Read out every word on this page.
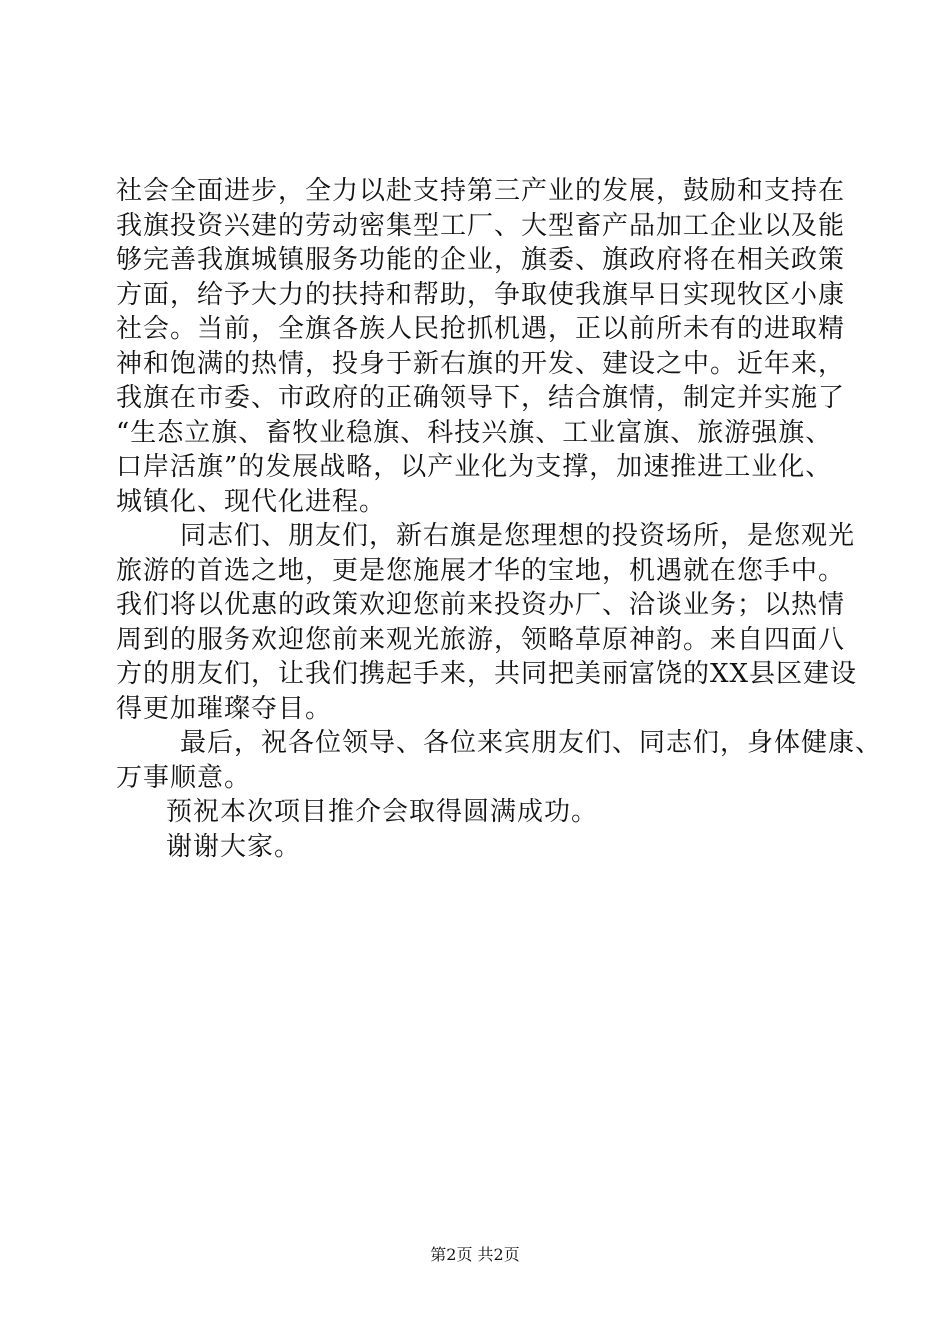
社会全面进步，全力以赴支持第三产业的发展，鼓励和支持在
我旗投资兴建的劳动密集型工厂、大型畜产品加工企业以及能
够完善我旗城镇服务功能的企业，旗委、旗政府将在相关政策
方面，给予大力的扶持和帮助，争取使我旗早日实现牧区小康
社会。当前，全旗各族人民抢抓机遇，正以前所未有的进取精
神和饱满的热情，投身于新右旗的开发、建设之中。近年来，
我旗在市委、市政府的正确领导下，结合旗情，制定并实施了
“生态立旗、畜牧业稳旗、科技兴旗、工业富旗、旅游强旗、
口岸活旗”的发展战略，以产业化为支撑，加速推进工业化、
城镇化、现代化进程。
同志们、朋友们，新右旗是您理想的投资场所，是您观光
旅游的首选之地，更是您施展才华的宝地，机遇就在您手中。
我们将以优惠的政策欢迎您前来投资办厂、洽谈业务；以热情
周到的服务欢迎您前来观光旅游，领略草原神韵。来自四面八
方的朋友们，让我们携起手来，共同把美丽富饶的XX县区建设
得更加璀璨夺目。
最后，祝各位领导、各位来宾朋友们、同志们，身体健康、
万事顺意。
预祝本次项目推介会取得圆满成功。
谢谢大家。
第2页 共2页
